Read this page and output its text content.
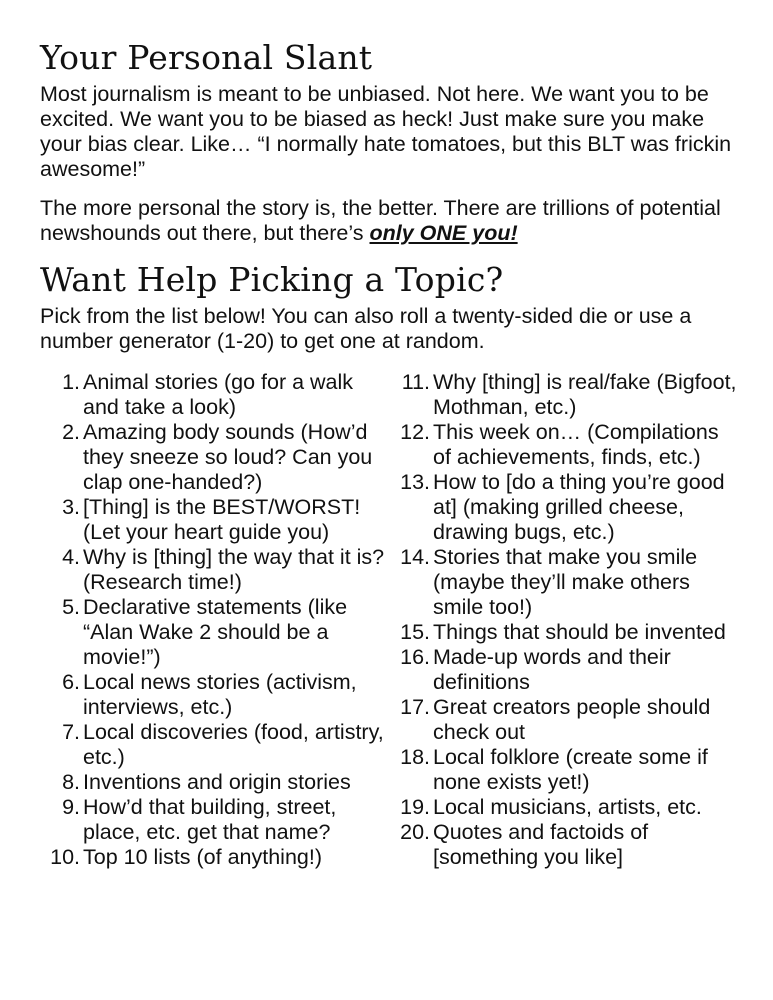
Your Personal Slant

Most journalism is meant to be unbiased. Not here. We want you to be excited. We want you to be biased as heck! Just make sure you make your bias clear. Like… “I normally hate tomatoes, but this BLT was frickin awesome!”

The more personal the story is, the better. There are trillions of potential newshounds out there, but there’s only ONE you!

Want Help Picking a Topic?

Pick from the list below! You can also roll a twenty-sided die or use a number generator (1-20) to get one at random.

1. Animal stories (go for a walk and take a look)
2. Amazing body sounds (How’d they sneeze so loud? Can you clap one-handed?)
3. [Thing] is the BEST/WORST! (Let your heart guide you)
4. Why is [thing] the way that it is? (Research time!)
5. Declarative statements (like “Alan Wake 2 should be a movie!”)
6. Local news stories (activism, interviews, etc.)
7. Local discoveries (food, artistry, etc.)
8. Inventions and origin stories
9. How’d that building, street, place, etc. get that name?
10. Top 10 lists (of anything!)
11. Why [thing] is real/fake (Bigfoot, Mothman, etc.)
12. This week on… (Compilations of achievements, finds, etc.)
13. How to [do a thing you’re good at] (making grilled cheese, drawing bugs, etc.)
14. Stories that make you smile (maybe they’ll make others smile too!)
15. Things that should be invented
16. Made-up words and their definitions
17. Great creators people should check out
18. Local folklore (create some if none exists yet!)
19. Local musicians, artists, etc.
20. Quotes and factoids of [something you like]
